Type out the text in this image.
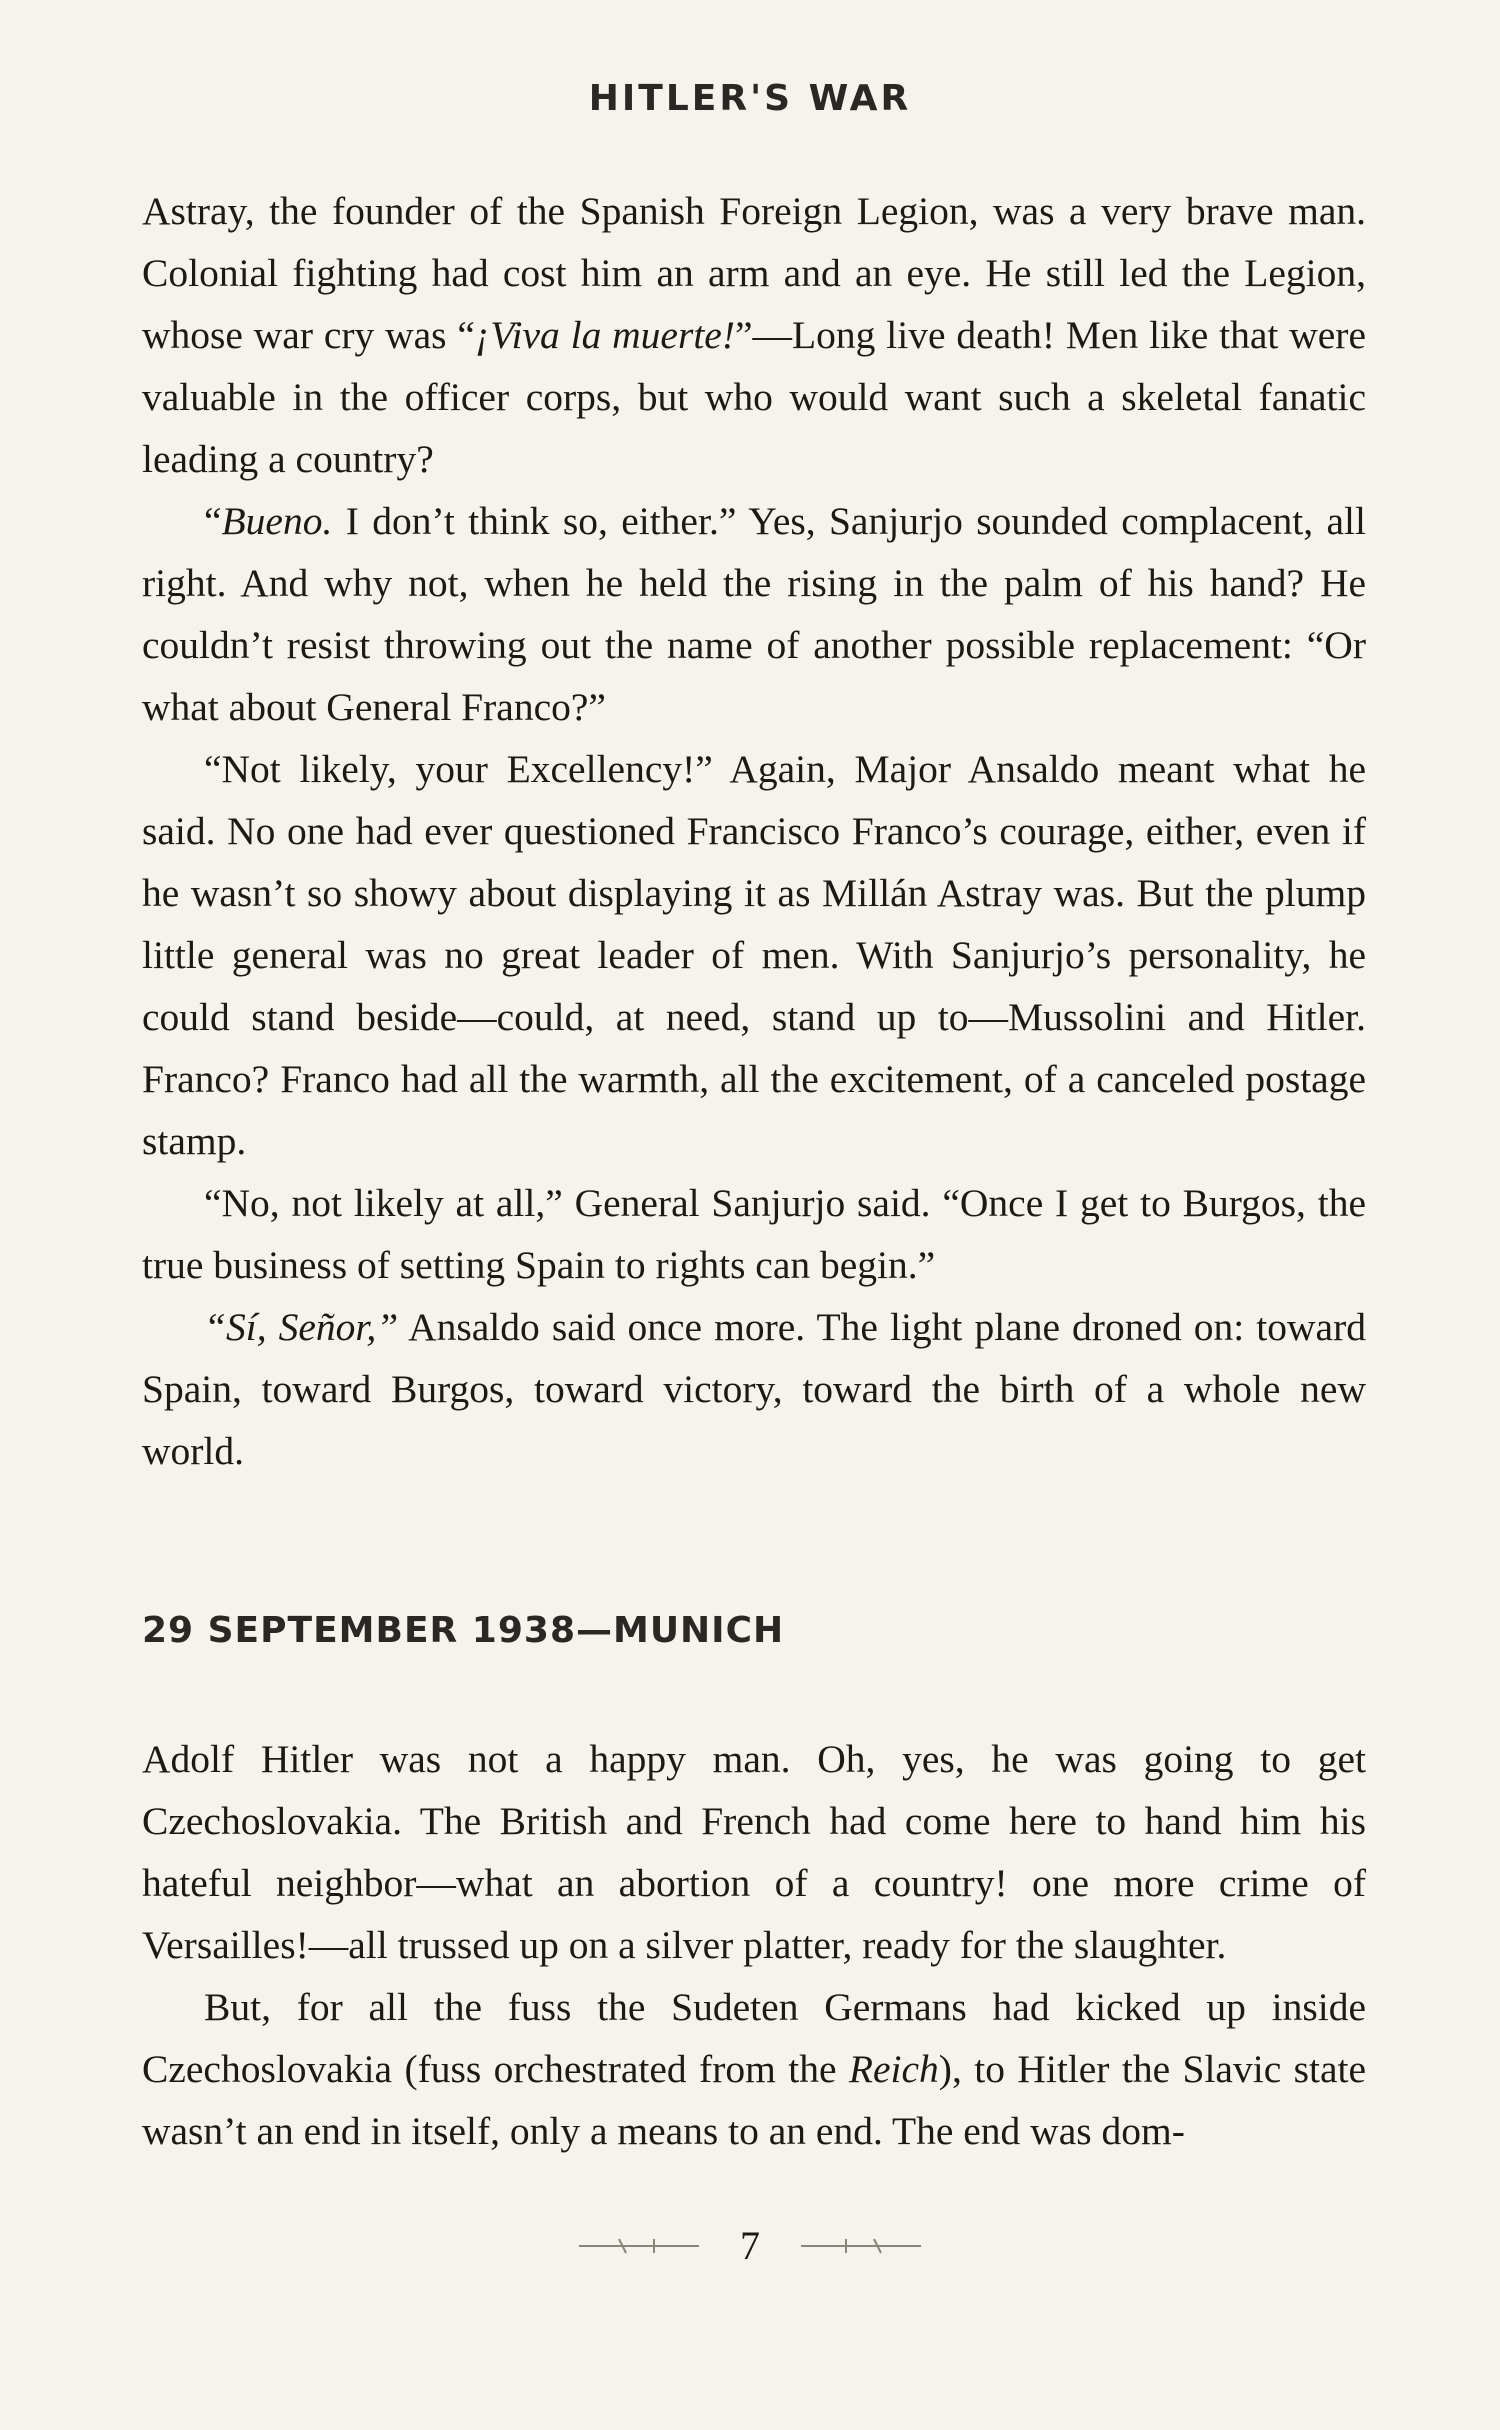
HITLER'S WAR

Astray, the founder of the Spanish Foreign Legion, was a very brave man. Colonial fighting had cost him an arm and an eye. He still led the Legion, whose war cry was “¡Viva la muerte!”—Long live death! Men like that were valuable in the officer corps, but who would want such a skeletal fanatic leading a country?

“Bueno. I don’t think so, either.” Yes, Sanjurjo sounded complacent, all right. And why not, when he held the rising in the palm of his hand? He couldn’t resist throwing out the name of another possible replacement: “Or what about General Franco?”

“Not likely, your Excellency!” Again, Major Ansaldo meant what he said. No one had ever questioned Francisco Franco’s courage, either, even if he wasn’t so showy about displaying it as Millán Astray was. But the plump little general was no great leader of men. With Sanjurjo’s personality, he could stand beside—could, at need, stand up to—Mussolini and Hitler. Franco? Franco had all the warmth, all the excitement, of a canceled postage stamp.

“No, not likely at all,” General Sanjurjo said. “Once I get to Burgos, the true business of setting Spain to rights can begin.”

“Sí, Señor,” Ansaldo said once more. The light plane droned on: toward Spain, toward Burgos, toward victory, toward the birth of a whole new world.

29 SEPTEMBER 1938—MUNICH

Adolf Hitler was not a happy man. Oh, yes, he was going to get Czechoslovakia. The British and French had come here to hand him his hateful neighbor—what an abortion of a country! one more crime of Versailles!—all trussed up on a silver platter, ready for the slaughter.

But, for all the fuss the Sudeten Germans had kicked up inside Czechoslovakia (fuss orchestrated from the Reich), to Hitler the Slavic state wasn’t an end in itself, only a means to an end. The end was dom-

7
